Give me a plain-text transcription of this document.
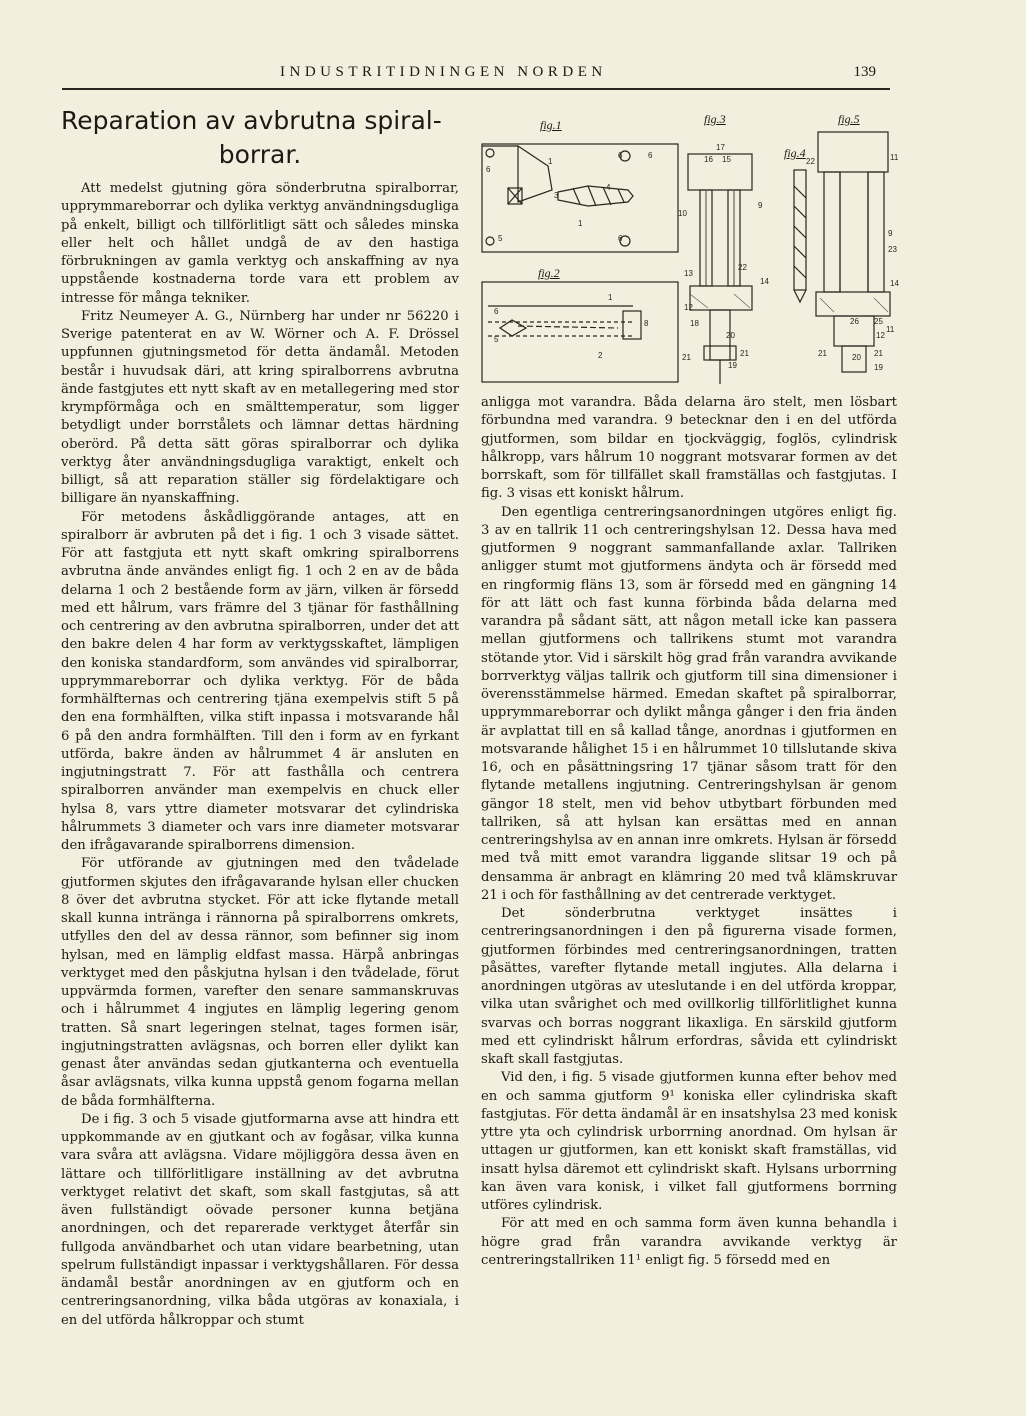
INDUSTRITIDNINGEN NORDEN	139
Reparation av avbrutna spiral-
borrar.
6
1
3
4
6
5
1
6
6
1
6
5
2
8
17
16 15
10
9
13
22
14
12
18
20
21
19
21
22	11
9
23
14
26 25
12
11
21	21
20
19
fig.1
fig.2
fig.3
fig.4
fig.5

Att medelst gjutning göra sönderbrutna spiralborrar, upprymmareborrar och dylika verktyg användningsdugliga på enkelt, billigt och tillförlitligt sätt och således minska eller helt och hållet undgå de av den hastiga förbrukningen av gamla verktyg och anskaffning av nya uppstående kostnaderna torde vara ett problem av intresse för många tekniker.

Fritz Neumeyer A. G., Nürnberg har under nr 56220 i Sverige patenterat en av W. Wörner och A. F. Drössel uppfunnen gjutningsmetod för detta ändamål. Metoden består i huvudsak däri, att kring spiralborrens avbrutna ände fastgjutes ett nytt skaft av en metallegering med stor krympförmåga och en smälttemperatur, som ligger betydligt under borrstålets och lämnar dettas härdning oberörd. På detta sätt göras spiralborrar och dylika verktyg åter användningsdugliga varaktigt, enkelt och billigt, så att reparation ställer sig fördelaktigare och billigare än nyanskaffning.

För metodens åskådliggörande antages, att en spiralborr är avbruten på det i fig. 1 och 3 visade sättet. För att fastgjuta ett nytt skaft omkring spiralborrens avbrutna ände användes enligt fig. 1 och 2 en av de båda delarna 1 och 2 bestående form av järn, vilken är försedd med ett hålrum, vars främre del 3 tjänar för fasthållning och centrering av den avbrutna spiralborren, under det att den bakre delen 4 har form av verktygsskaftet, lämpligen den koniska standardform, som användes vid spiralborrar, upprymmareborrar och dylika verktyg. För de båda formhälfternas och centrering tjäna exempelvis stift 5 på den ena formhälften, vilka stift inpassa i motsvarande hål 6 på den andra formhälften. Till den i form av en fyrkant utförda, bakre änden av hålrummet 4 är ansluten en ingjutningstratt 7. För att fasthålla och centrera spiralborren använder man exempelvis en chuck eller hylsa 8, vars yttre diameter motsvarar det cylindriska hålrummets 3 diameter och vars inre diameter motsvarar den ifrågavarande spiralborrens dimension.

För utförande av gjutningen med den tvådelade gjutformen skjutes den ifrågavarande hylsan eller chucken 8 över det avbrutna stycket. För att icke flytande metall skall kunna intränga i rännorna på spiralborrens omkrets, utfylles den del av dessa rännor, som befinner sig inom hylsan, med en lämplig eldfast massa. Härpå anbringas verktyget med den påskjutna hylsan i den tvådelade, förut uppvärmda formen, varefter den senare sammanskruvas och i hålrummet 4 ingjutes en lämplig legering genom tratten. Så snart legeringen stelnat, tages formen isär, ingjutningstratten avlägsnas, och borren eller dylikt kan genast åter användas sedan gjutkanterna och eventuella åsar avlägsnats, vilka kunna uppstå genom fogarna mellan de båda formhälfterna.

De i fig. 3 och 5 visade gjutformarna avse att hindra ett uppkommande av en gjutkant och av fogåsar, vilka kunna vara svåra att avlägsna. Vidare möjliggöra dessa även en lättare och tillförlitligare inställning av det avbrutna verktyget relativt det skaft, som skall fastgjutas, så att även fullständigt oövade personer kunna betjäna anordningen, och det reparerade verktyget återfår sin fullgoda användbarhet och utan vidare bearbetning, utan spelrum fullständigt inpassar i verktygshållaren. För dessa ändamål består anordningen av en gjutform och en centreringsanordning, vilka båda utgöras av konaxiala, i en del utförda hålkroppar och stumt

anligga mot varandra. Båda delarna äro stelt, men lösbart förbundna med varandra. 9 betecknar den i en del utförda gjutformen, som bildar en tjockväggig, foglös, cylindrisk hålkropp, vars hålrum 10 noggrant motsvarar formen av det borrskaft, som för tillfället skall framställas och fastgjutas. I fig. 3 visas ett koniskt hålrum.

Den egentliga centreringsanordningen utgöres enligt fig. 3 av en tallrik 11 och centreringshylsan 12. Dessa hava med gjutformen 9 noggrant sammanfallande axlar. Tallriken anligger stumt mot gjutformens ändyta och är försedd med en ringformig fläns 13, som är försedd med en gängning 14 för att lätt och fast kunna förbinda båda delarna med varandra på sådant sätt, att någon metall icke kan passera mellan gjutformens och tallrikens stumt mot varandra stötande ytor. Vid i särskilt hög grad från varandra avvikande borrverktyg väljas tallrik och gjutform till sina dimensioner i överensstämmelse härmed. Emedan skaftet på spiralborrar, upprymmareborrar och dylikt många gånger i den fria änden är avplattat till en så kallad tånge, anordnas i gjutformen en motsvarande hålighet 15 i en hålrummet 10 tillslutande skiva 16, och en påsättningsring 17 tjänar såsom tratt för den flytande metallens ingjutning. Centreringshylsan är genom gängor 18 stelt, men vid behov utbytbart förbunden med tallriken, så att hylsan kan ersättas med en annan centreringshylsa av en annan inre omkrets. Hylsan är försedd med två mitt emot varandra liggande slitsar 19 och på densamma är anbragt en klämring 20 med två klämskruvar 21 i och för fasthållning av det centrerade verktyget.

Det sönderbrutna verktyget insättes i centreringsanordningen i den på figurerna visade formen, gjutformen förbindes med centreringsanordningen, tratten påsättes, varefter flytande metall ingjutes. Alla delarna i anordningen utgöras av uteslutande i en del utförda kroppar, vilka utan svårighet och med ovillkorlig tillförlitlighet kunna svarvas och borras noggrant likaxliga. En särskild gjutform med ett cylindriskt hålrum erfordras, såvida ett cylindriskt skaft skall fastgjutas.

Vid den, i fig. 5 visade gjutformen kunna efter behov med en och samma gjutform 9¹ koniska eller cylindriska skaft fastgjutas. För detta ändamål är en insatshylsa 23 med konisk yttre yta och cylindrisk urborrning anordnad. Om hylsan är uttagen ur gjutformen, kan ett koniskt skaft framställas, vid insatt hylsa däremot ett cylindriskt skaft. Hylsans urborrning kan även vara konisk, i vilket fall gjutformens borrning utföres cylindrisk.

För att med en och samma form även kunna behandla i högre grad från varandra avvikande verktyg är centreringstallriken 11¹ enligt fig. 5 försedd med en
